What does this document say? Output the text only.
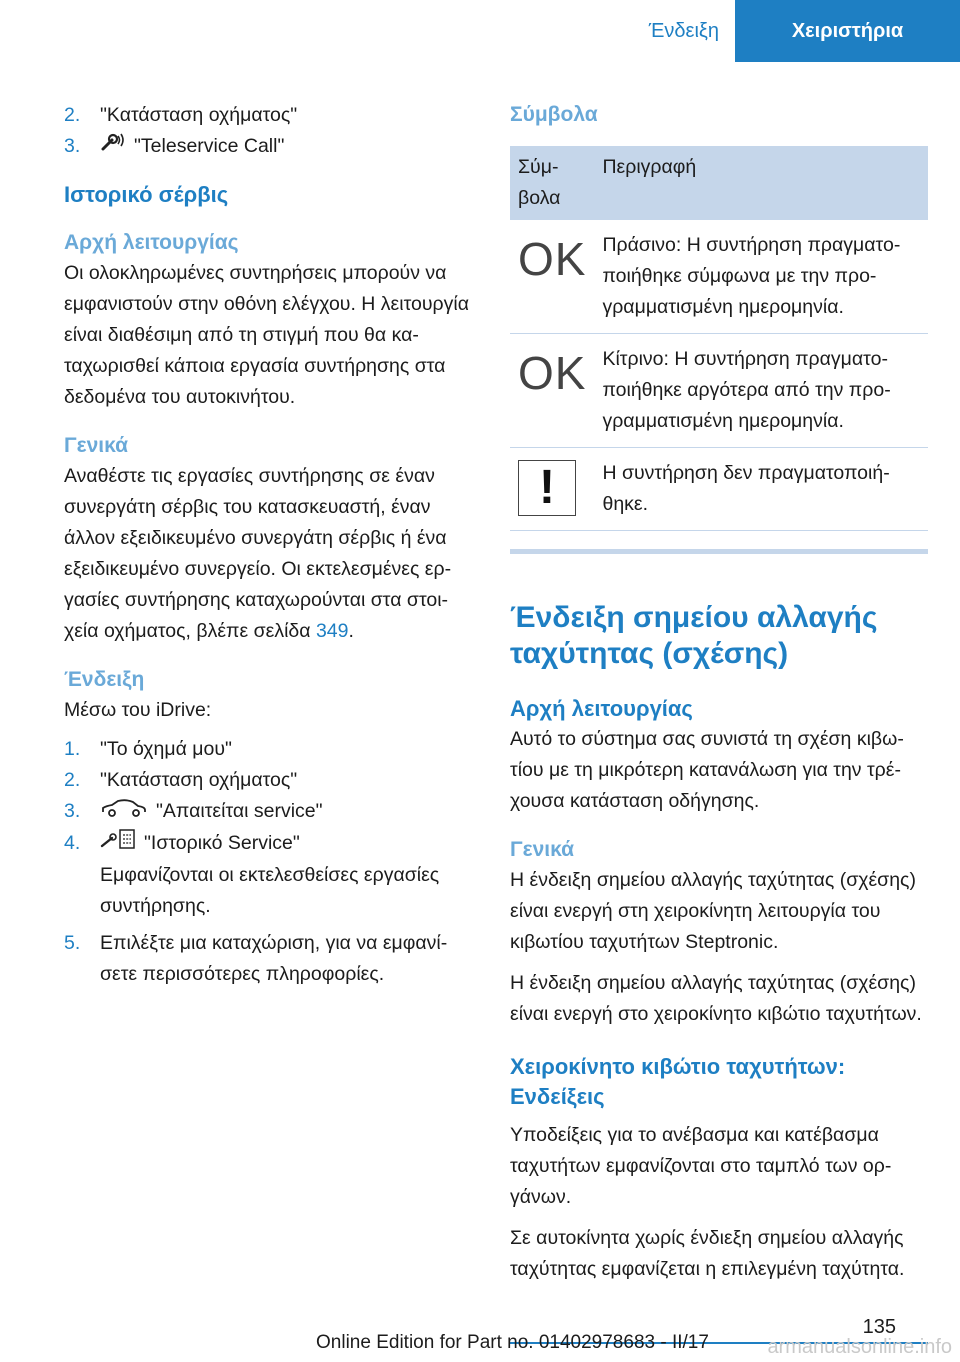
Ένδειξη	Χειριστήρια
2.	"Κατάσταση οχήματος"
3.	"Teleservice Call"
Ιστορικό σέρβις
Αρχή λειτουργίας

Οι ολοκληρωμένες συντηρήσεις μπορούν να εμφανιστούν στην οθόνη ελέγχου. Η λειτουργία είναι διαθέσιμη από τη στιγμή που θα καταχωρισθεί κάποια εργασία συντήρησης στα δεδομένα του αυτοκινήτου.

Γενικά

Αναθέστε τις εργασίες συντήρησης σε έναν συνεργάτη σέρβις του κατασκευαστή, έναν άλλον εξειδικευμένο συνεργάτη σέρβις ή ένα εξειδικευμένο συνεργείο. Οι εκτελεσμένες εργασίες συντήρησης καταχωρούνται στα στοιχεία οχήματος, βλέπε σελίδα 349.

Ένδειξη

Μέσω του iDrive:

1.	"Το όχημά μου"
2.	"Κατάσταση οχήματος"
3.	"Απαιτείται service"
4.	"Ιστορικό Service"
Εμφανίζονται οι εκτελεσθείσες εργασίες συντήρησης.
5.	Επιλέξτε μια καταχώριση, για να εμφανίσετε περισσότερες πληροφορίες.
Σύμβολα
Σύμβολα	Περιγραφή

OK	Πράσινο: Η συντήρηση πραγματοποιήθηκε σύμφωνα με την προγραμματισμένη ημερομηνία.

OK	Κίτρινο: Η συντήρηση πραγματοποιήθηκε αργότερα από την προγραμματισμένη ημερομηνία.

!	Η συντήρηση δεν πραγματοποιήθηκε.
Ένδειξη σημείου αλλαγής ταχύτητας (σχέσης)
Αρχή λειτουργίας

Αυτό το σύστημα σας συνιστά τη σχέση κιβωτίου με τη μικρότερη κατανάλωση για την τρέχουσα κατάσταση οδήγησης.

Γενικά

Η ένδειξη σημείου αλλαγής ταχύτητας (σχέσης) είναι ενεργή στη χειροκίνητη λειτουργία του κιβωτίου ταχυτήτων Steptronic.

Η ένδειξη σημείου αλλαγής ταχύτητας (σχέσης) είναι ενεργή στο χειροκίνητο κιβώτιο ταχυτήτων.

Χειροκίνητο κιβώτιο ταχυτήτων: Ενδείξεις

Υποδείξεις για το ανέβασμα και κατέβασμα ταχυτήτων εμφανίζονται στο ταμπλό των οργάνων.

Σε αυτοκίνητα χωρίς ένδιεξη σημείου αλλαγής ταχύτητας εμφανίζεται η επιλεγμένη ταχύτητα.

135
Online Edition for Part no. 01402978683 - II/17	armanualsonline.info
